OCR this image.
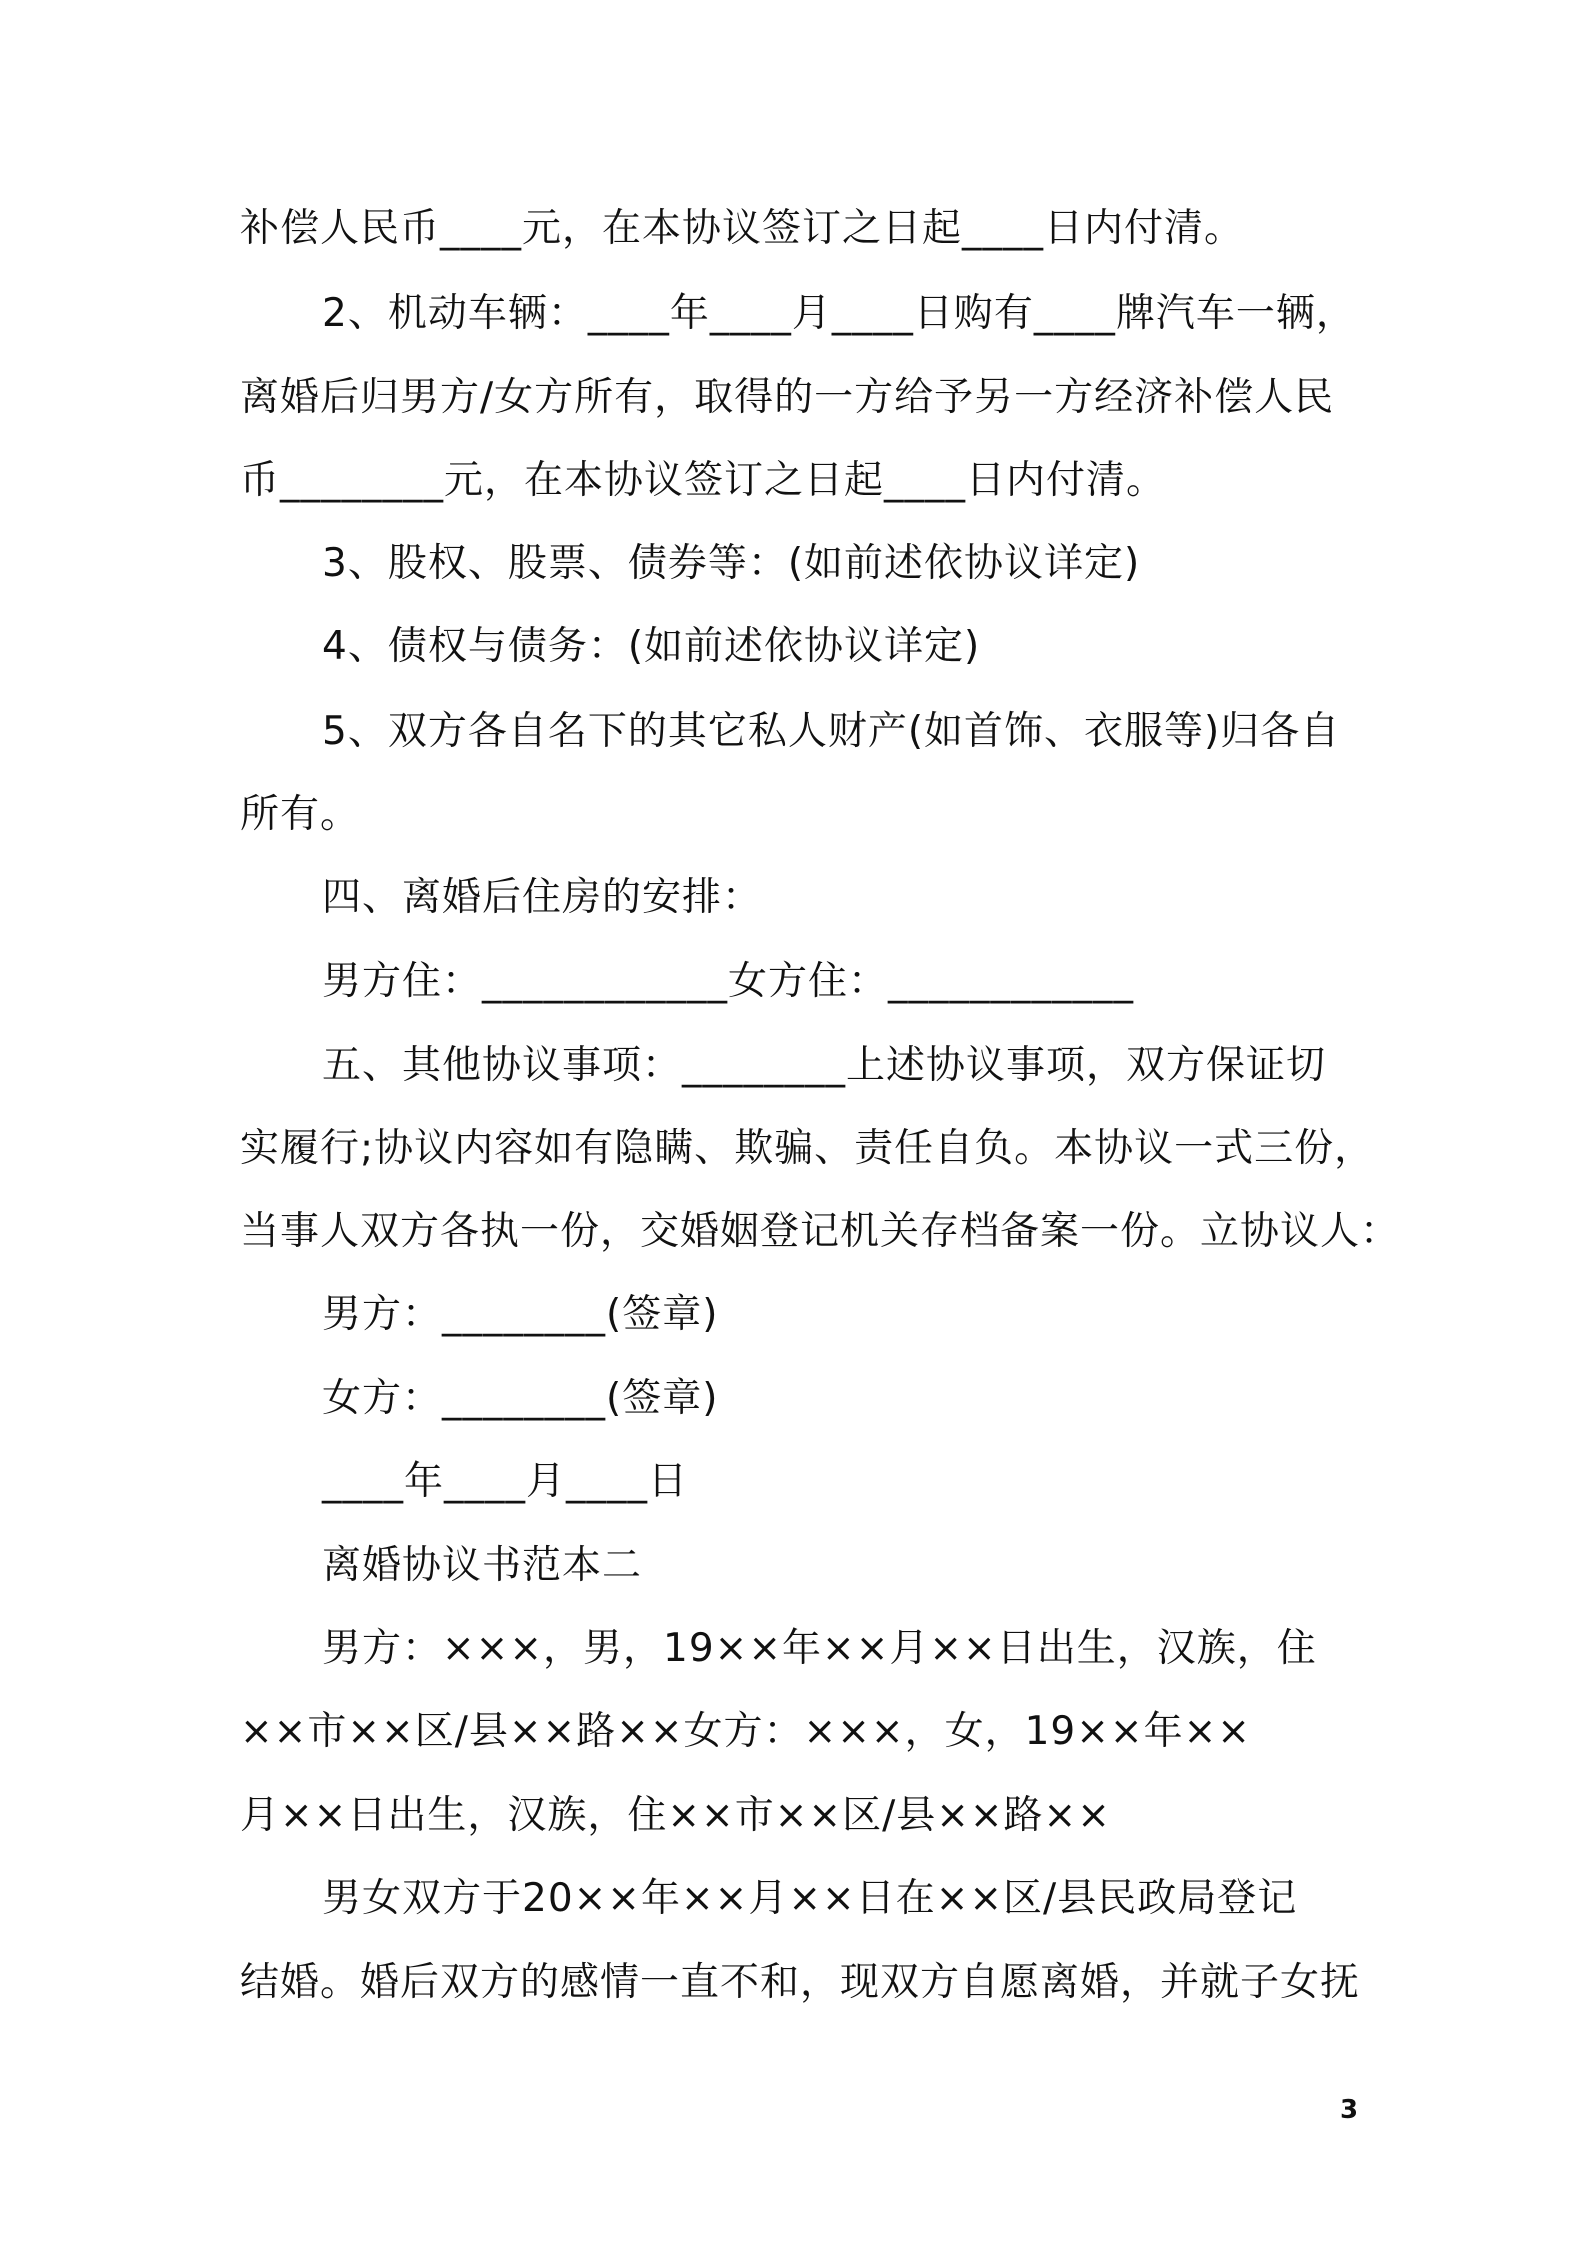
补偿人民币____元，在本协议签订之日起____日内付清。
2、机动车辆：____年____月____日购有____牌汽车一辆，
离婚后归男方/女方所有，取得的一方给予另一方经济补偿人民
币________元，在本协议签订之日起____日内付清。
3、股权、股票、债券等：(如前述依协议详定)
4、债权与债务：(如前述依协议详定)
5、双方各自名下的其它私人财产(如首饰、衣服等)归各自
所有。
四、离婚后住房的安排：
男方住：____________女方住：____________
五、其他协议事项：________上述协议事项，双方保证切
实履行;协议内容如有隐瞒、欺骗、责任自负。本协议一式三份，
当事人双方各执一份，交婚姻登记机关存档备案一份。立协议人：
男方：________(签章)
女方：________(签章)
____年____月____日
离婚协议书范本二
男方：×××，男，19××年××月××日出生，汉族，住
××市××区/县××路××女方：×××，女，19××年××
月××日出生，汉族，住××市××区/县××路××
男女双方于20××年××月××日在××区/县民政局登记
结婚。婚后双方的感情一直不和，现双方自愿离婚，并就子女抚
3
